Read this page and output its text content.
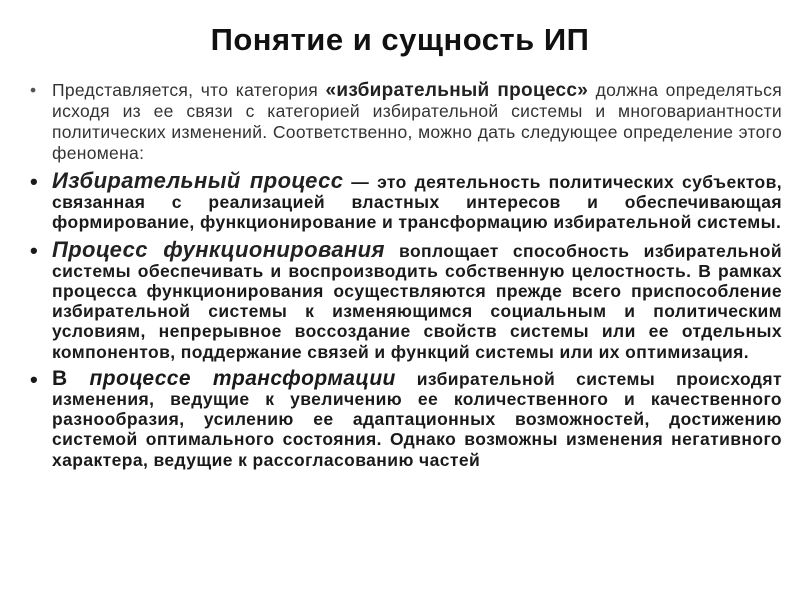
Понятие и сущность ИП
• Представляется, что категория «избирательный процесс» должна определяться исходя из ее связи с категорией избирательной системы и многовариантности политических изменений. Соответственно, можно дать следующее определение этого феномена:
• Избирательный процесс — это деятельность политических субъектов, связанная с реализацией властных интересов и обеспечивающая формирование, функционирование и трансформацию избирательной системы.
• Процесс функционирования воплощает способность избирательной системы обеспечивать и воспроизводить собственную целостность. В рамках процесса функционирования осуществляются прежде всего приспособление избирательной системы к изменяющимся социальным и политическим условиям, непрерывное воссоздание свойств системы или ее отдельных компонентов, поддержание связей и функций системы или их оптимизация.
• В процессе трансформации избирательной системы происходят изменения, ведущие к увеличению ее количественного и качественного разнообразия, усилению ее адаптационных возможностей, достижению системой оптимального состояния. Однако возможны изменения негативного характера, ведущие к рассогласованию частей
